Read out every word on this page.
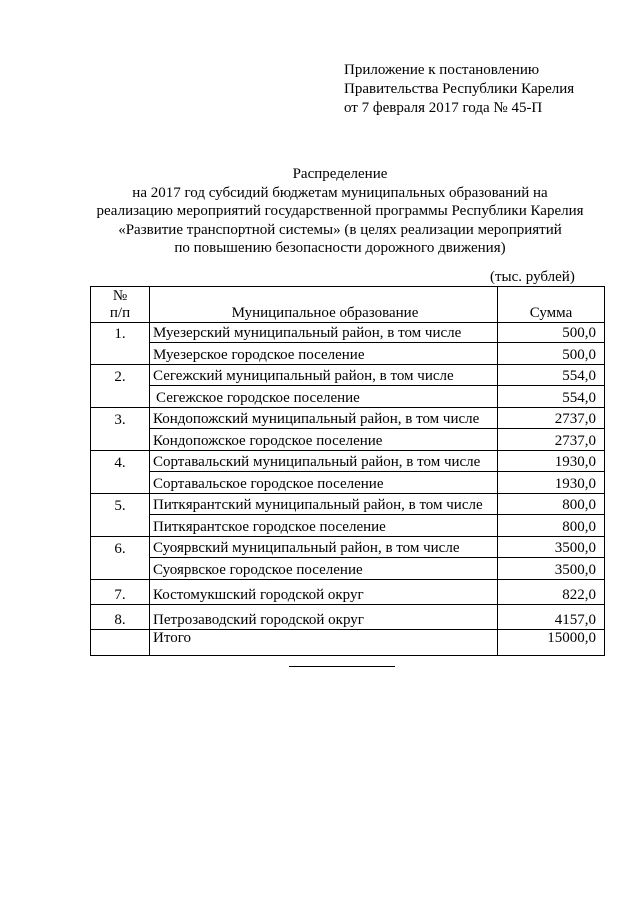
Приложение к постановлению
Правительства Республики Карелия
от 7 февраля 2017 года № 45-П
Распределение
на 2017 год субсидий бюджетам муниципальных образований на
реализацию мероприятий государственной программы Республики Карелия
«Развитие транспортной системы» (в целях реализации мероприятий
по повышению безопасности дорожного движения)
(тыс. рублей)
№
п/п	Муниципальное образование	Сумма
1.	Муезерский муниципальный район, в том числе	500,0
	Муезерское городское поселение	500,0
2.	Сегежский муниципальный район, в том числе	554,0
	Сегежское городское поселение	554,0
3.	Кондопожский муниципальный район, в том числе	2737,0
	Кондопожское городское поселение	2737,0
4.	Сортавальский муниципальный район, в том числе	1930,0
	Сортавальское городское поселение	1930,0
5.	Питкярантский муниципальный район, в том числе	800,0
	Питкярантское городское поселение	800,0
6.	Суоярвский муниципальный район, в том числе	3500,0
	Суоярвское городское поселение	3500,0
7.	Костомукшский городской округ	822,0
8.	Петрозаводский городской округ	4157,0
	Итого	15000,0
